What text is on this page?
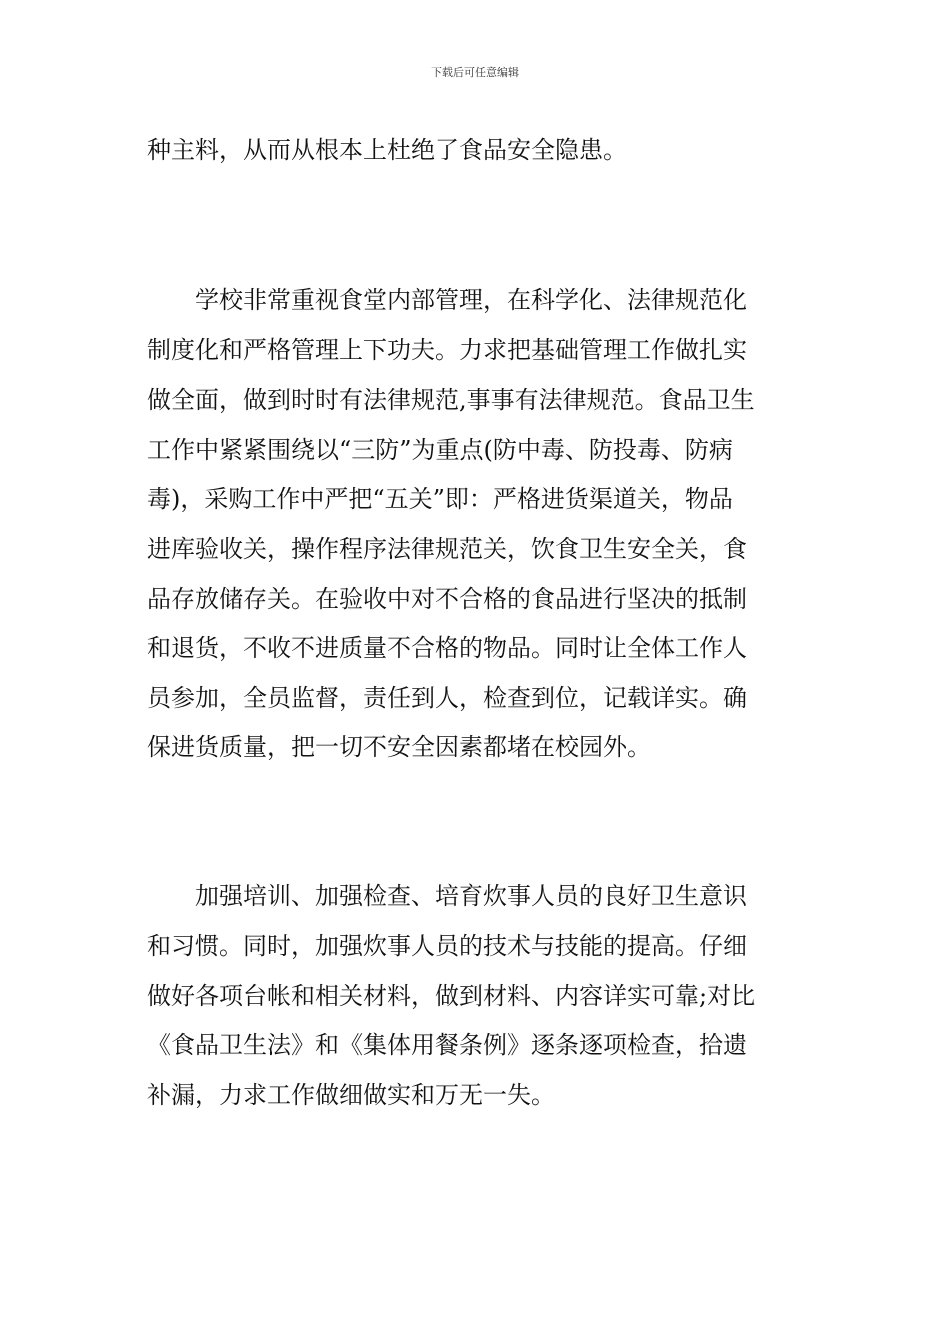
下载后可任意编辑
种主料，从而从根本上杜绝了食品安全隐患。
　　学校非常重视食堂内部管理，在科学化、法律规范化
制度化和严格管理上下功夫。力求把基础管理工作做扎实
做全面，做到时时有法律规范,事事有法律规范。食品卫生
工作中紧紧围绕以“三防”为重点(防中毒、防投毒、防病
毒)，采购工作中严把“五关”即：严格进货渠道关，物品
进库验收关，操作程序法律规范关，饮食卫生安全关，食
品存放储存关。在验收中对不合格的食品进行坚决的抵制
和退货，不收不进质量不合格的物品。同时让全体工作人
员参加，全员监督，责任到人，检查到位，记载详实。确
保进货质量，把一切不安全因素都堵在校园外。
　　加强培训、加强检查、培育炊事人员的良好卫生意识
和习惯。同时，加强炊事人员的技术与技能的提高。仔细
做好各项台帐和相关材料，做到材料、内容详实可靠;对比
《食品卫生法》和《集体用餐条例》逐条逐项检查，拾遗
补漏，力求工作做细做实和万无一失。
